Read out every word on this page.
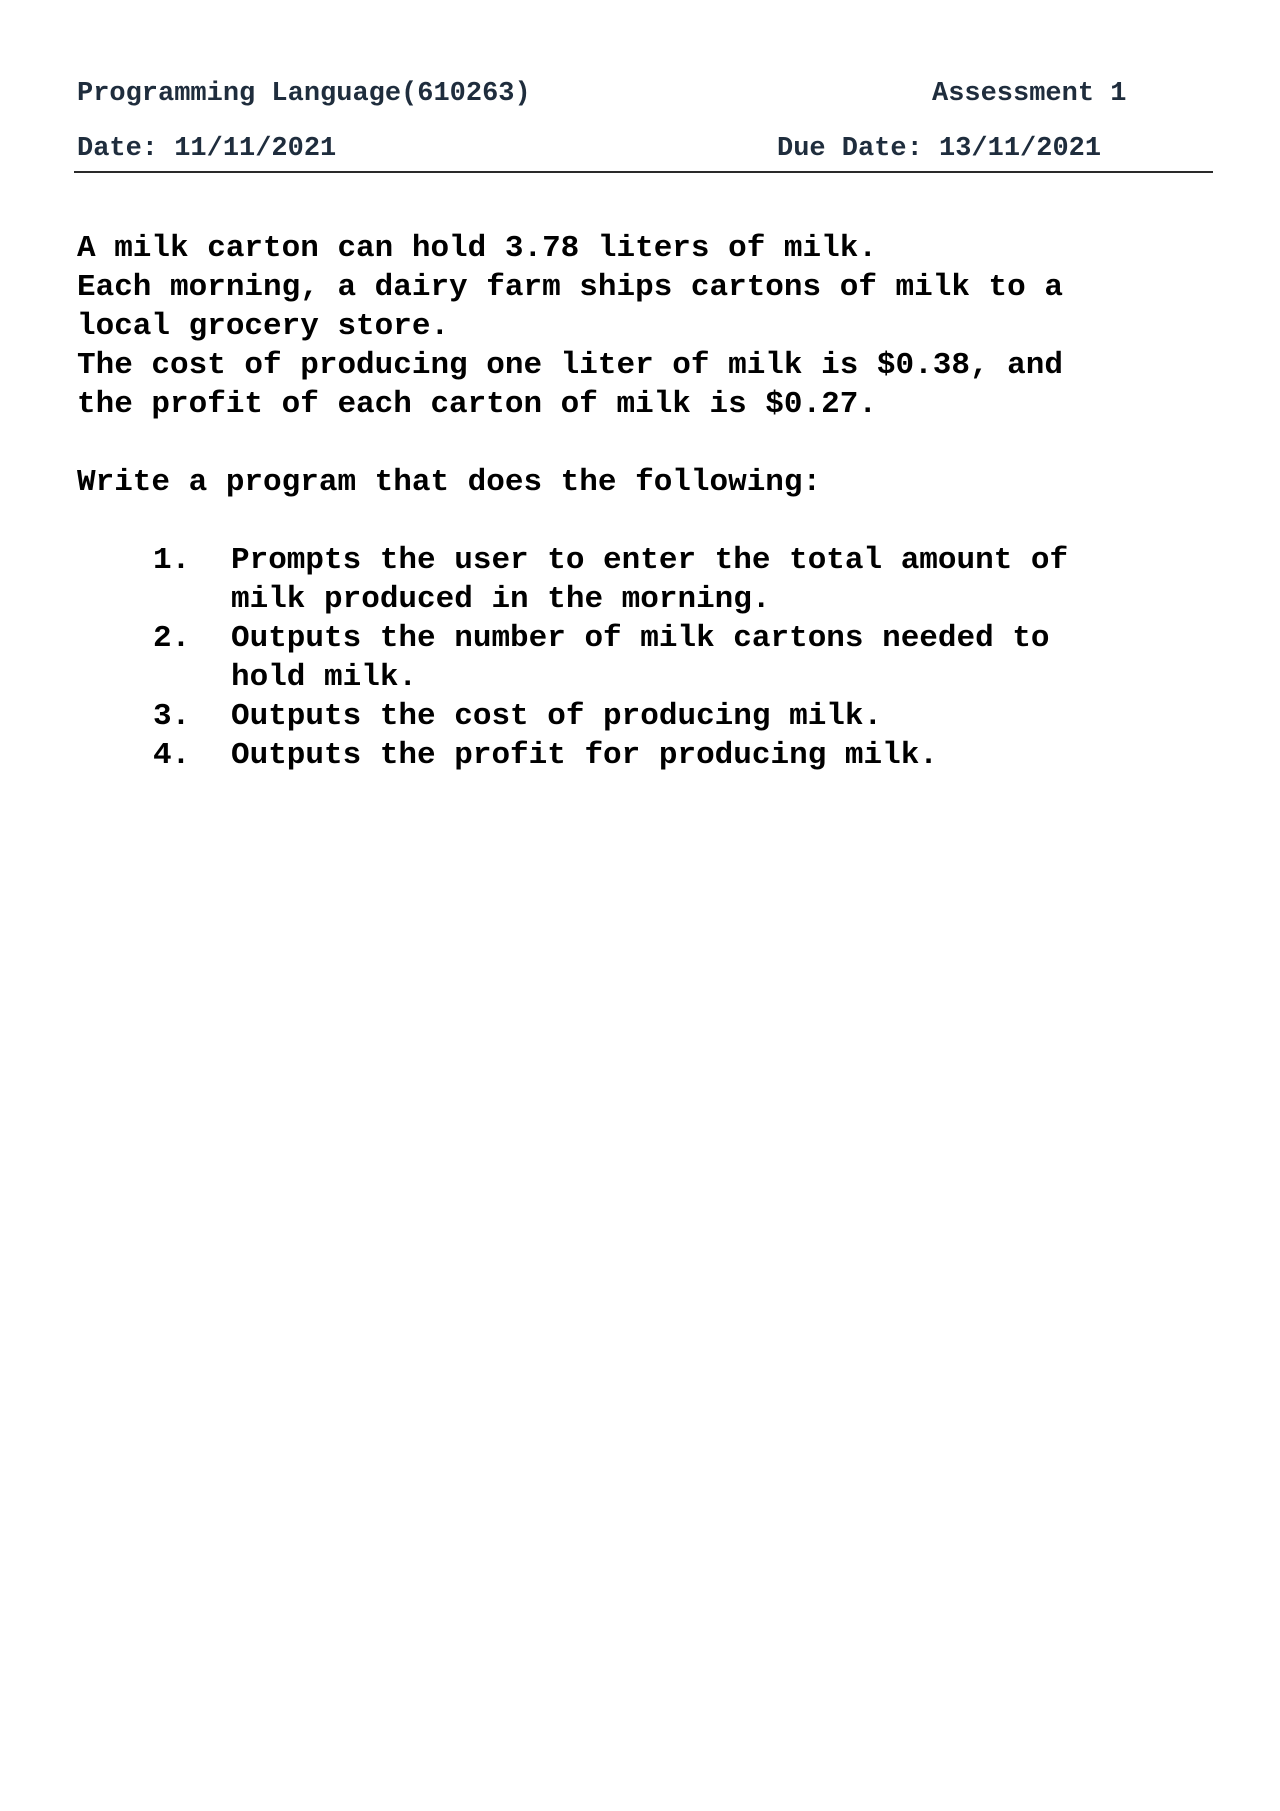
Programming Language(610263)	Assessment 1
Date: 11/11/2021	Due Date: 13/11/2021
A milk carton can hold 3.78 liters of milk.
Each morning, a dairy farm ships cartons of milk to a
local grocery store.
The cost of producing one liter of milk is $0.38, and
the profit of each carton of milk is $0.27.
Write a program that does the following:
1.	Prompts the user to enter the total amount of
milk produced in the morning.
2.	Outputs the number of milk cartons needed to
hold milk.
3.	Outputs the cost of producing milk.
4.	Outputs the profit for producing milk.
